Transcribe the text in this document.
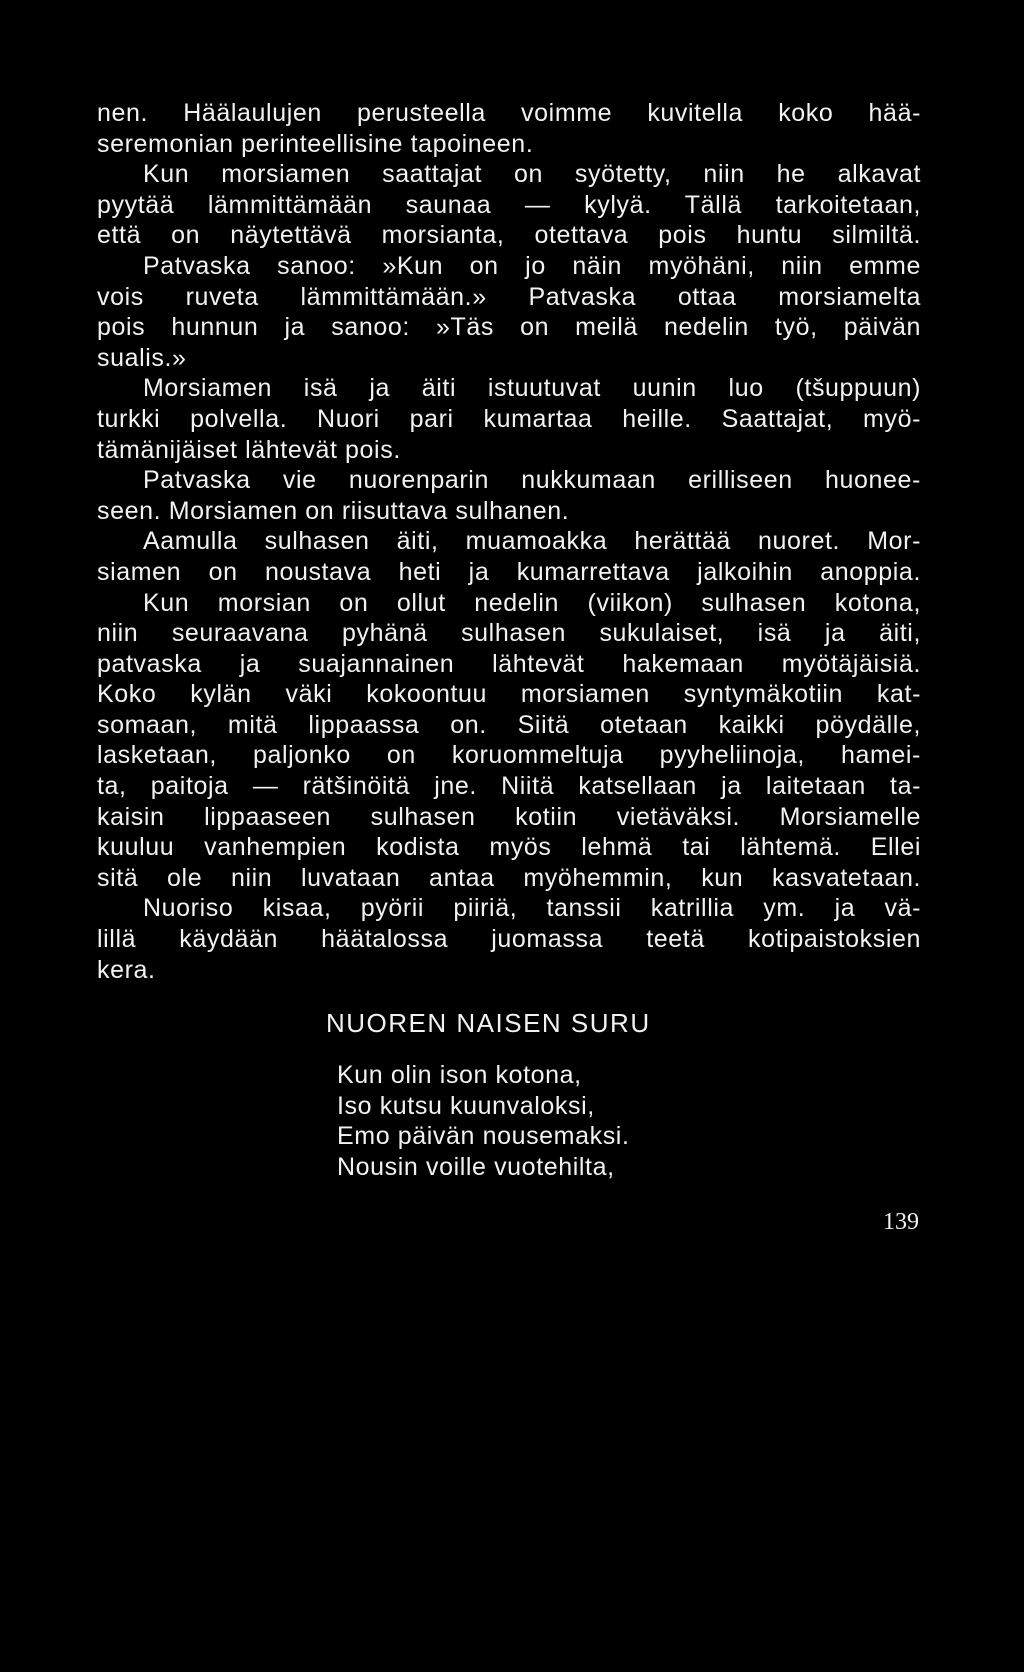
nen. Häälaulujen perusteella voimme kuvitella koko hää-
seremonian perinteellisine tapoineen.
Kun morsiamen saattajat on syötetty, niin he alkavat
pyytää lämmittämään saunaa — kylyä. Tällä tarkoitetaan,
että on näytettävä morsianta, otettava pois huntu silmiltä.
Patvaska sanoo: »Kun on jo näin myöhäni, niin emme
vois ruveta lämmittämään.» Patvaska ottaa morsiamelta
pois hunnun ja sanoo: »Täs on meilä nedelin työ, päivän
sualis.»
Morsiamen isä ja äiti istuutuvat uunin luo (tšuppuun)
turkki polvella. Nuori pari kumartaa heille. Saattajat, myö-
tämänijäiset lähtevät pois.
Patvaska vie nuorenparin nukkumaan erilliseen huonee-
seen. Morsiamen on riisuttava sulhanen.
Aamulla sulhasen äiti, muamoakka herättää nuoret. Mor-
siamen on noustava heti ja kumarrettava jalkoihin anoppia.
Kun morsian on ollut nedelin (viikon) sulhasen kotona,
niin seuraavana pyhänä sulhasen sukulaiset, isä ja äiti,
patvaska ja suajannainen lähtevät hakemaan myötäjäisiä.
Koko kylän väki kokoontuu morsiamen syntymäkotiin kat-
somaan, mitä lippaassa on. Siitä otetaan kaikki pöydälle,
lasketaan, paljonko on koruommeltuja pyyheliinoja, hamei-
ta, paitoja — rätšinöitä jne. Niitä katsellaan ja laitetaan ta-
kaisin lippaaseen sulhasen kotiin vietäväksi. Morsiamelle
kuuluu vanhempien kodista myös lehmä tai lähtemä. Ellei
sitä ole niin luvataan antaa myöhemmin, kun kasvatetaan.
Nuoriso kisaa, pyörii piiriä, tanssii katrillia ym. ja vä-
lillä käydään häätalossa juomassa teetä kotipaistoksien
kera.
NUOREN NAISEN SURU
Kun olin ison kotona,
Iso kutsu kuunvaloksi,
Emo päivän nousemaksi.
Nousin voille vuotehilta,
139
